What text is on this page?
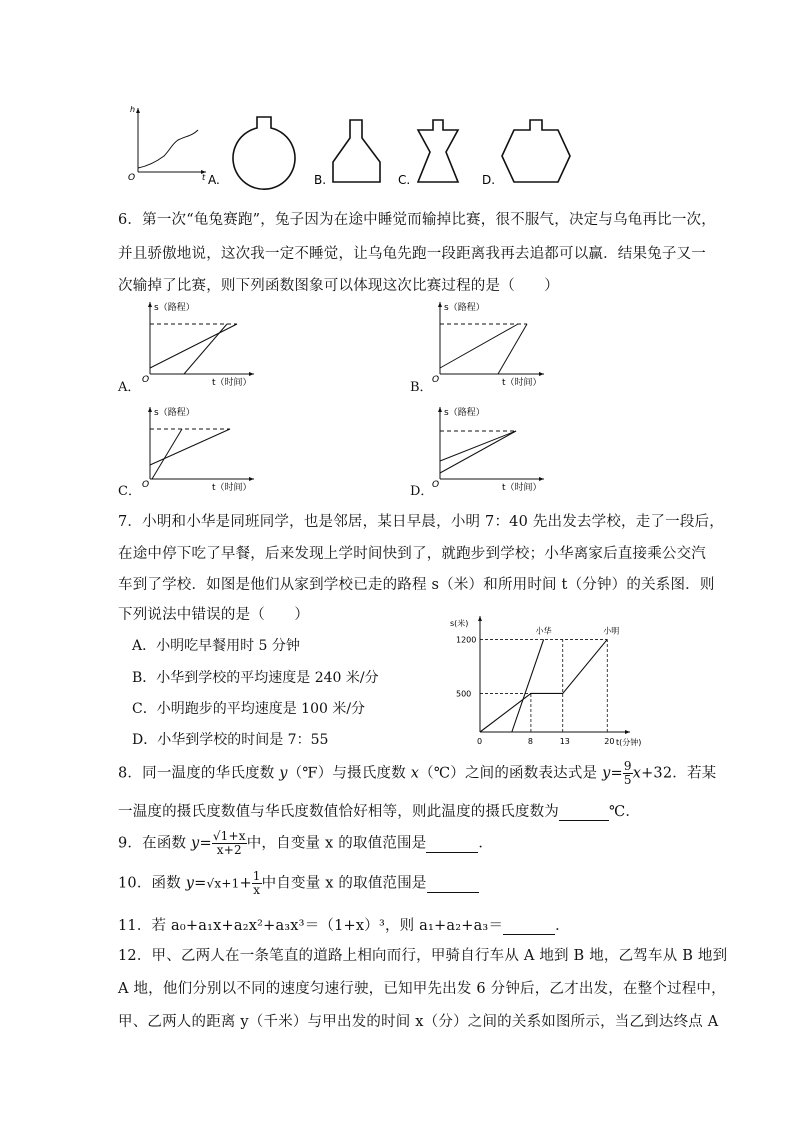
h
t
O	A.	B.	C.	D.
6．第一次“龟兔赛跑”，兔子因为在途中睡觉而输掉比赛，很不服气，决定与乌龟再比一次，
并且骄傲地说，这次我一定不睡觉，让乌龟先跑一段距离我再去追都可以赢．结果兔子又一
次输掉了比赛，则下列函数图象可以体现这次比赛过程的是（　　）
s（路程）
t（时间）
O
s（路程）
t（时间）
O
s（路程）
t（时间）
O
s（路程）
t（时间）
O
A．	B．
C．	D．
7．小明和小华是同班同学，也是邻居，某日早晨，小明 7：40 先出发去学校，走了一段后，
在途中停下吃了早餐，后来发现上学时间快到了，就跑步到学校；小华离家后直接乘公交汽
车到了学校．如图是他们从家到学校已走的路程 s（米）和所用时间 t（分钟）的关系图．则
下列说法中错误的是（　　）
A．小明吃早餐用时 5 分钟
B．小华到学校的平均速度是 240 米/分
C．小明跑步的平均速度是 100 米/分
D．小华到学校的时间是 7：55
s(米)
t(分钟)
0	8	13	20
500
1200
小华	小明
8．同一温度的华氏度数 y（℉）与摄氏度数 x（℃）之间的函数表达式是 $y= \frac{9}{5} x+32$．若某
一温度的摄氏度数值与华氏度数值恰好相等，则此温度的摄氏度数为	℃．
9．在函数 $y= \frac{√1+x}{x+2}$ 中，自变量 x 的取值范围是	．
10．函数 $y=√x+1+ \frac{1}{x}$ 中自变量 x 的取值范围是
11．若 a₀+a₁x+a₂x²+a₃x³＝（1+x）³，则 a₁+a₂+a₃＝	．
12．甲、乙两人在一条笔直的道路上相向而行，甲骑自行车从 A 地到 B 地，乙驾车从 B 地到
A 地，他们分别以不同的速度匀速行驶，已知甲先出发 6 分钟后，乙才出发，在整个过程中，
甲、乙两人的距离 y（千米）与甲出发的时间 x（分）之间的关系如图所示，当乙到达终点 A
